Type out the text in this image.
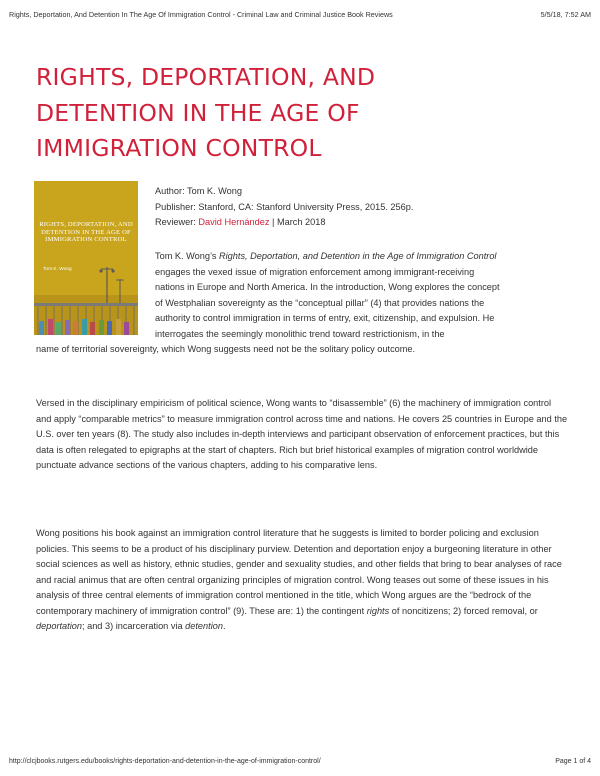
Rights, Deportation, And Detention In The Age Of Immigration Control - Criminal Law and Criminal Justice Book Reviews	5/5/18, 7:52 AM
RIGHTS, DEPORTATION, AND
DETENTION IN THE AGE OF
IMMIGRATION CONTROL
RIGHTS, DEPORTATION, AND
DETENTION IN THE AGE OF
IMMIGRATION CONTROL
Tom K. Wong
Author: Tom K. Wong
Publisher: Stanford, CA: Stanford University Press, 2015. 256p.
Reviewer: David Hernández | March 2018

Tom K. Wong’s Rights, Deportation, and Detention in the Age of Immigration Control engages the vexed issue of migration enforcement among immigrant-receiving nations in Europe and North America. In the introduction, Wong explores the concept of Westphalian sovereignty as the “conceptual pillar” (4) that provides nations the authority to control immigration in terms of entry, exit, citizenship, and expulsion. He interrogates the seemingly monolithic trend toward restrictionism, in the

name of territorial sovereignty, which Wong suggests need not be the solitary policy outcome.

Versed in the disciplinary empiricism of political science, Wong wants to “disassemble” (6) the machinery of immigration control and apply “comparable metrics” to measure immigration control across time and nations. He covers 25 countries in Europe and the U.S. over ten years (8). The study also includes in-depth interviews and participant observation of enforcement practices, but this data is often relegated to epigraphs at the start of chapters. Rich but brief historical examples of migration control worldwide punctuate advance sections of the various chapters, adding to his comparative lens.

Wong positions his book against an immigration control literature that he suggests is limited to border policing and exclusion policies. This seems to be a product of his disciplinary purview. Detention and deportation enjoy a burgeoning literature in other social sciences as well as history, ethnic studies, gender and sexuality studies, and other fields that bring to bear analyses of race and racial animus that are often central organizing principles of migration control. Wong teases out some of these issues in his analysis of three central elements of immigration control mentioned in the title, which Wong argues are the “bedrock of the contemporary machinery of immigration control” (9). These are: 1) the contingent rights of noncitizens; 2) forced removal, or deportation; and 3) incarceration via detention.

http://clcjbooks.rutgers.edu/books/rights-deportation-and-detention-in-the-age-of-immigration-control/	Page 1 of 4
